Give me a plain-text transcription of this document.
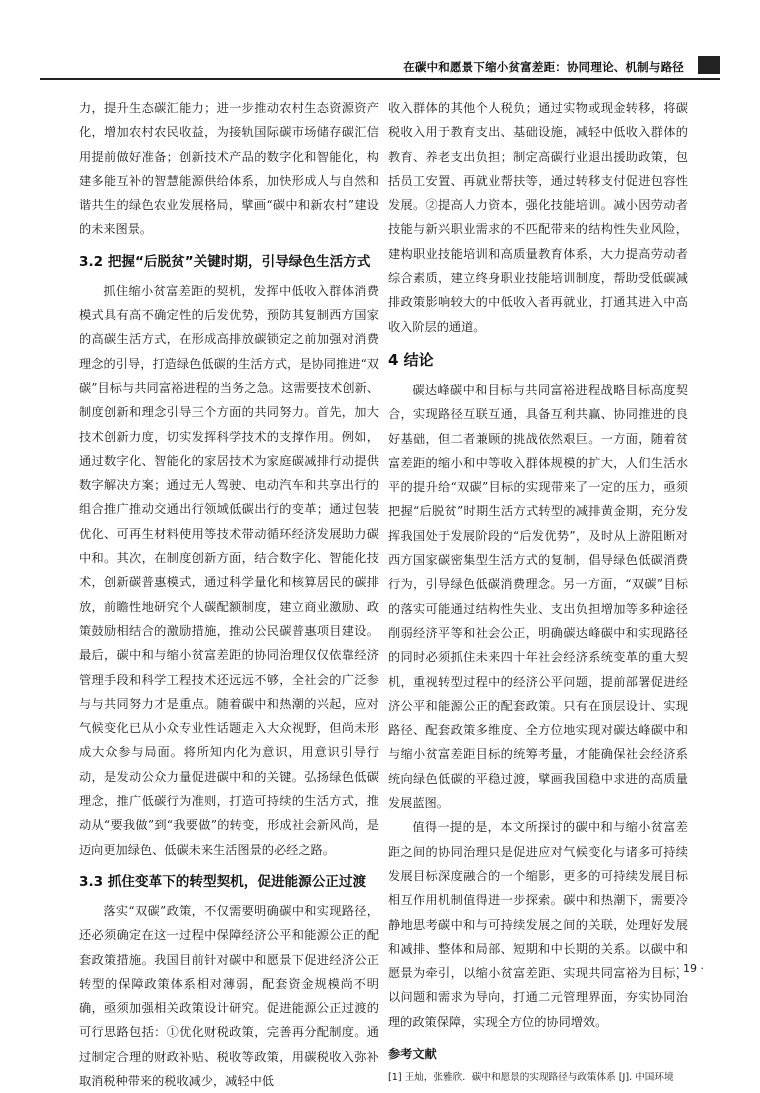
在碳中和愿景下缩小贫富差距：协同理论、机制与路径

力，提升生态碳汇能力；进一步推动农村生态资源资产化，增加农村农民收益，为接轨国际碳市场储存碳汇信用提前做好准备；创新技术产品的数字化和智能化，构建多能互补的智慧能源供给体系，加快形成人与自然和谐共生的绿色农业发展格局，擘画“碳中和新农村”建设的未来图景。

3.2 把握“后脱贫”关键时期，引导绿色生活方式

抓住缩小贫富差距的契机，发挥中低收入群体消费模式具有高不确定性的后发优势，预防其复制西方国家的高碳生活方式，在形成高排放碳锁定之前加强对消费理念的引导，打造绿色低碳的生活方式，是协同推进“双碳”目标与共同富裕进程的当务之急。这需要技术创新、制度创新和理念引导三个方面的共同努力。首先，加大技术创新力度，切实发挥科学技术的支撑作用。例如，通过数字化、智能化的家居技术为家庭碳减排行动提供数字解决方案；通过无人驾驶、电动汽车和共享出行的组合推广推动交通出行领域低碳出行的变革；通过包装优化、可再生材料使用等技术带动循环经济发展助力碳中和。其次，在制度创新方面，结合数字化、智能化技术，创新碳普惠模式，通过科学量化和核算居民的碳排放，前瞻性地研究个人碳配额制度，建立商业激励、政策鼓励相结合的激励措施，推动公民碳普惠项目建设。最后，碳中和与缩小贫富差距的协同治理仅仅依靠经济管理手段和科学工程技术还远远不够，全社会的广泛参与与共同努力才是重点。随着碳中和热潮的兴起，应对气候变化已从小众专业性话题走入大众视野，但尚未形成大众参与局面。将所知内化为意识，用意识引导行动，是发动公众力量促进碳中和的关键。弘扬绿色低碳理念，推广低碳行为准则，打造可持续的生活方式，推动从“要我做”到“我要做”的转变，形成社会新风尚，是迈向更加绿色、低碳未来生活图景的必经之路。

3.3 抓住变革下的转型契机，促进能源公正过渡

落实“双碳”政策，不仅需要明确碳中和实现路径，还必须确定在这一过程中保障经济公平和能源公正的配套政策措施。我国目前针对碳中和愿景下促进经济公正转型的保障政策体系相对薄弱，配套资金规模尚不明确，亟须加强相关政策设计研究。促进能源公正过渡的可行思路包括：①优化财税政策，完善再分配制度。通过制定合理的财政补贴、税收等政策，用碳税收入弥补取消税种带来的税收减少，减轻中低

收入群体的其他个人税负；通过实物或现金转移，将碳税收入用于教育支出、基础设施，减轻中低收入群体的教育、养老支出负担；制定高碳行业退出援助政策，包括员工安置、再就业帮扶等，通过转移支付促进包容性发展。②提高人力资本，强化技能培训。减小因劳动者技能与新兴职业需求的不匹配带来的结构性失业风险，建构职业技能培训和高质量教育体系，大力提高劳动者综合素质，建立终身职业技能培训制度，帮助受低碳减排政策影响较大的中低收入者再就业，打通其进入中高收入阶层的通道。

4 结论

碳达峰碳中和目标与共同富裕进程战略目标高度契合，实现路径互联互通，具备互利共赢、协同推进的良好基础，但二者兼顾的挑战依然艰巨。一方面，随着贫富差距的缩小和中等收入群体规模的扩大，人们生活水平的提升给“双碳”目标的实现带来了一定的压力，亟须把握“后脱贫”时期生活方式转型的减排黄金期，充分发挥我国处于发展阶段的“后发优势”，及时从上游阻断对西方国家碳密集型生活方式的复制，倡导绿色低碳消费行为，引导绿色低碳消费理念。另一方面，“双碳”目标的落实可能通过结构性失业、支出负担增加等多种途径削弱经济平等和社会公正，明确碳达峰碳中和实现路径的同时必须抓住未来四十年社会经济系统变革的重大契机，重视转型过程中的经济公平问题，提前部署促进经济公平和能源公正的配套政策。只有在顶层设计、实现路径、配套政策多维度、全方位地实现对碳达峰碳中和与缩小贫富差距目标的统筹考量，才能确保社会经济系统向绿色低碳的平稳过渡，擘画我国稳中求进的高质量发展蓝图。

值得一提的是，本文所探讨的碳中和与缩小贫富差距之间的协同治理只是促进应对气候变化与诸多可持续发展目标深度融合的一个缩影，更多的可持续发展目标相互作用机制值得进一步探索。碳中和热潮下，需要冷静地思考碳中和与可持续发展之间的关联，处理好发展和减排、整体和局部、短期和中长期的关系。以碳中和愿景为牵引，以缩小贫富差距、实现共同富裕为目标，以问题和需求为导向，打通二元管理界面，夯实协同治理的政策保障，实现全方位的协同增效。

参考文献

[1] 王灿，张雅欣．碳中和愿景的实现路径与政策体系 [J]. 中国环境

· 19 ·
